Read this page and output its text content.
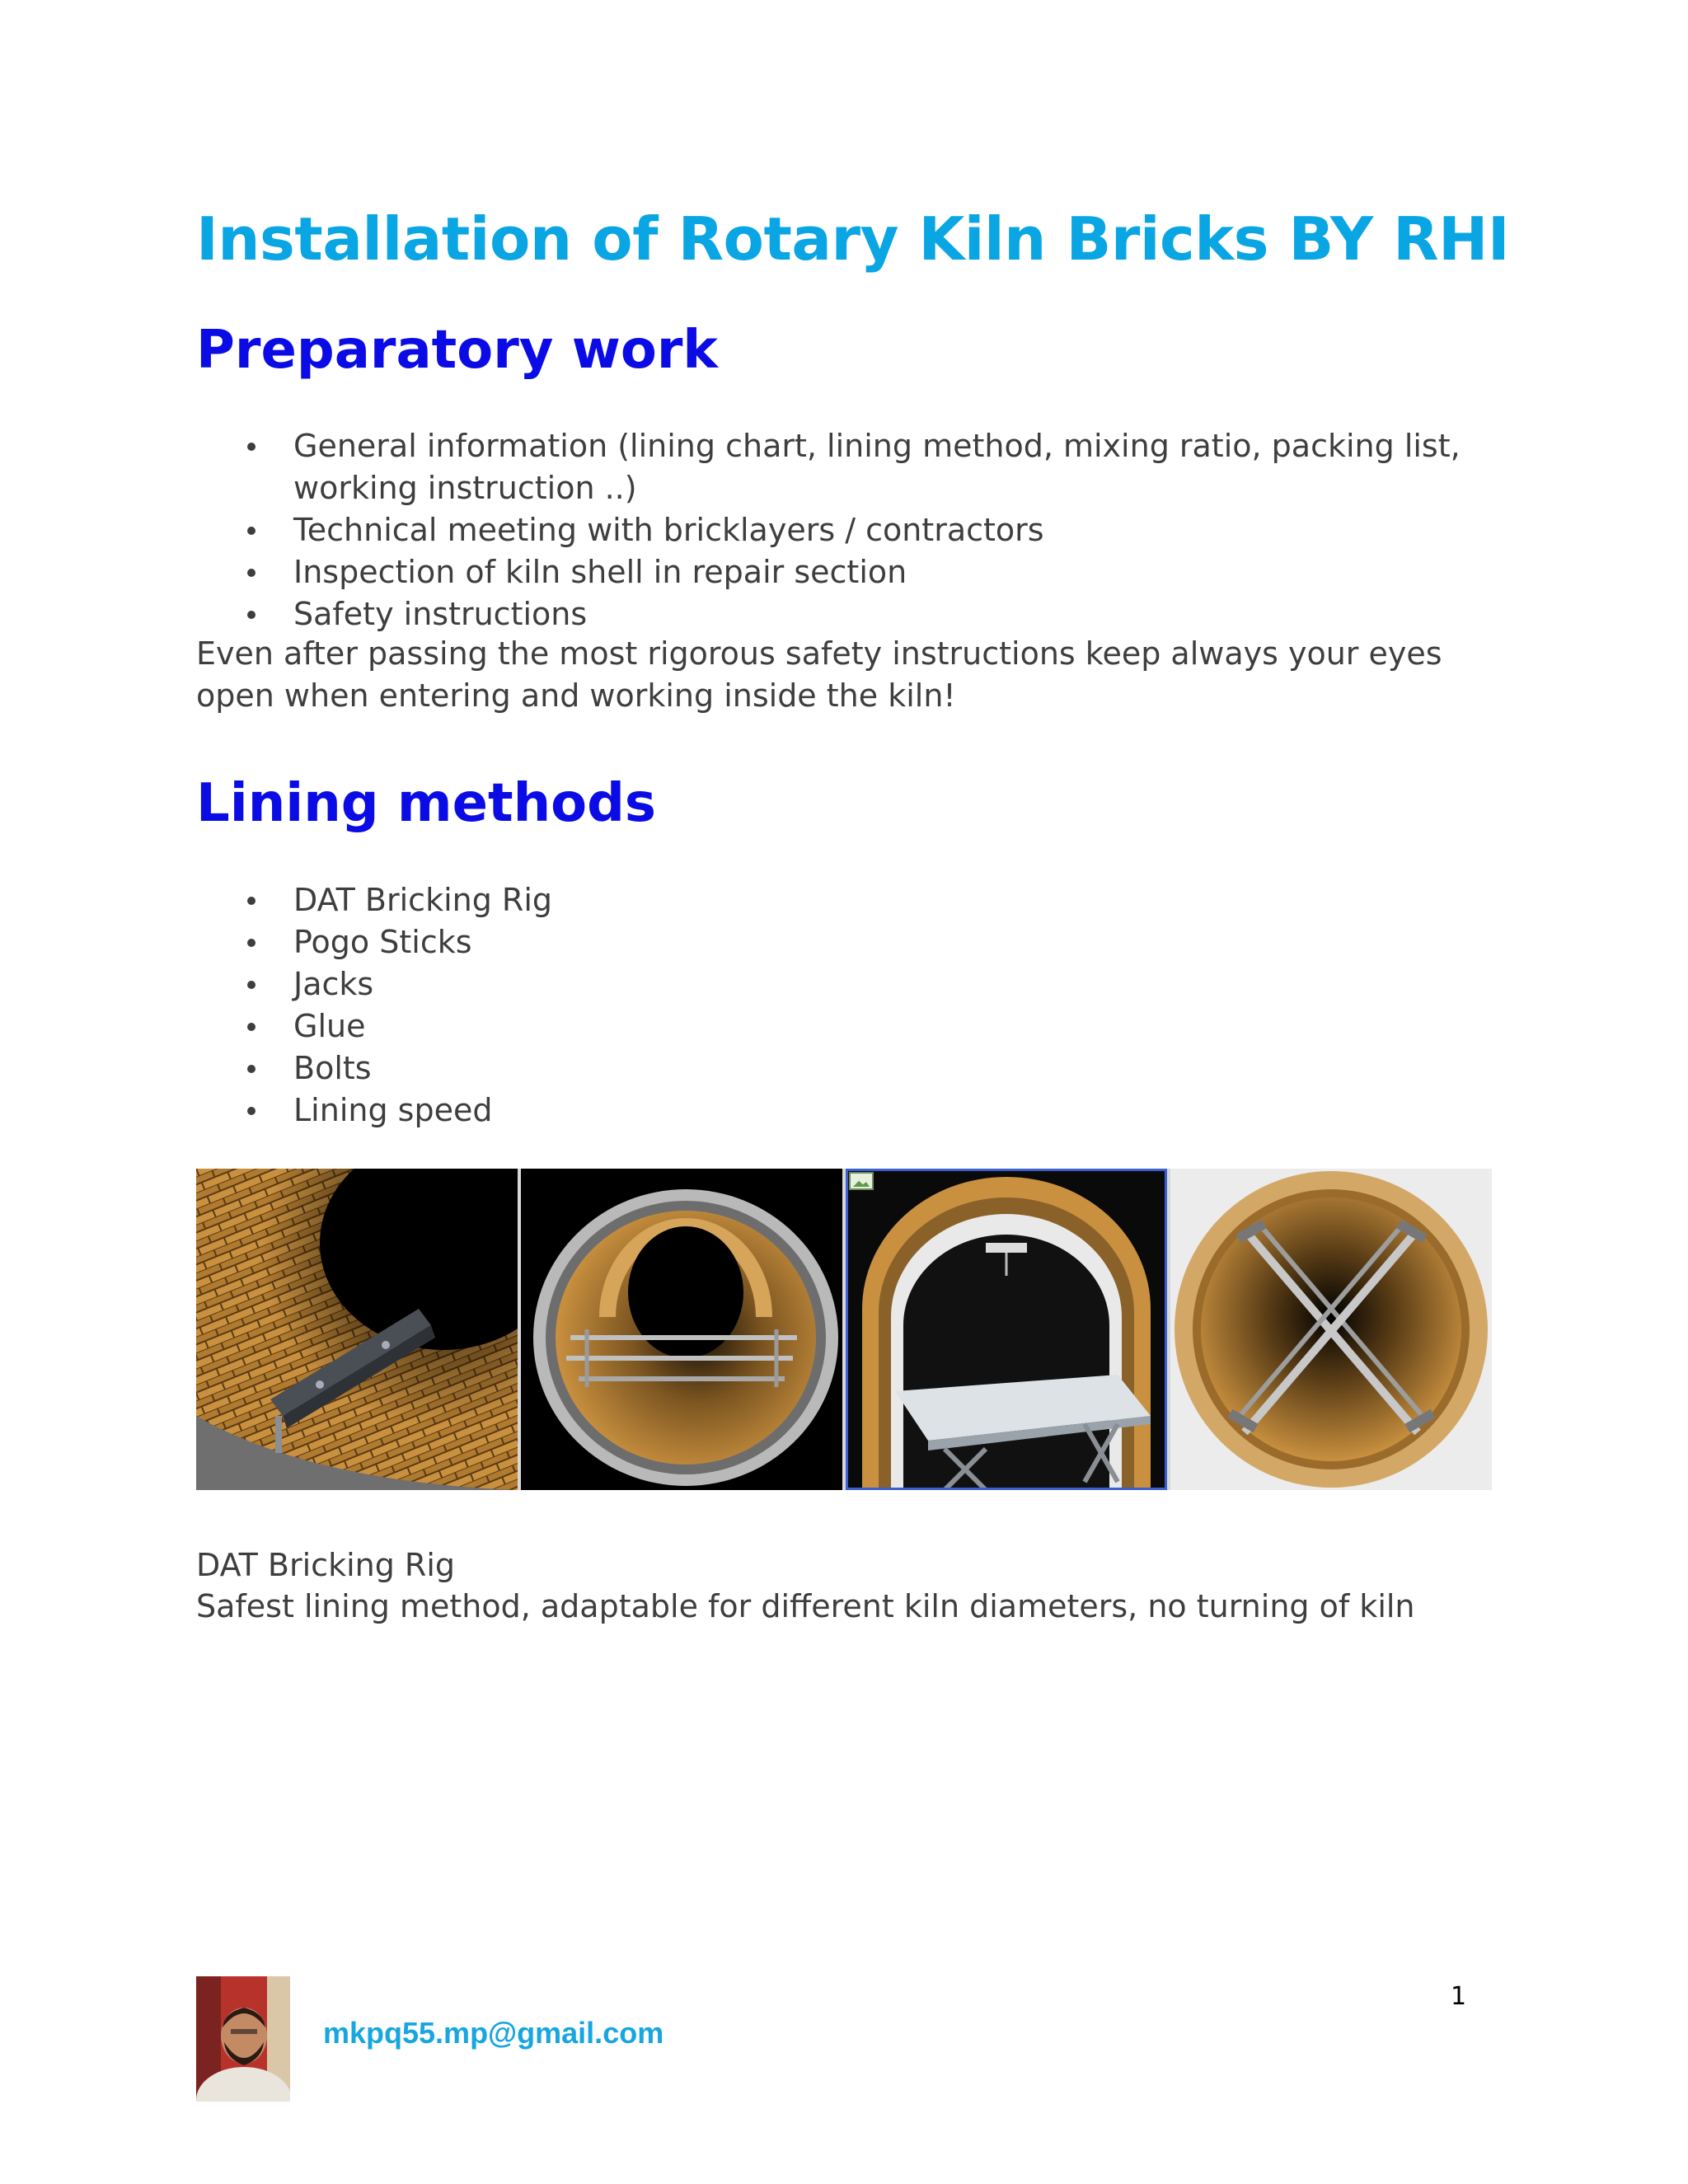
Installation of Rotary Kiln Bricks BY RHI
Preparatory work
General information (lining chart, lining method, mixing ratio, packing list, working instruction ..)
Technical meeting with bricklayers / contractors
Inspection of kiln shell in repair section
Safety instructions

Even after passing the most rigorous safety instructions keep always your eyes open when entering and working inside the kiln!

Lining methods
DAT Bricking Rig
Pogo Sticks
Jacks
Glue
Bolts
Lining speed

DAT Bricking Rig

Safest lining method, adaptable for different kiln diameters, no turning of kiln

mkpq55.mp@gmail.com
1
